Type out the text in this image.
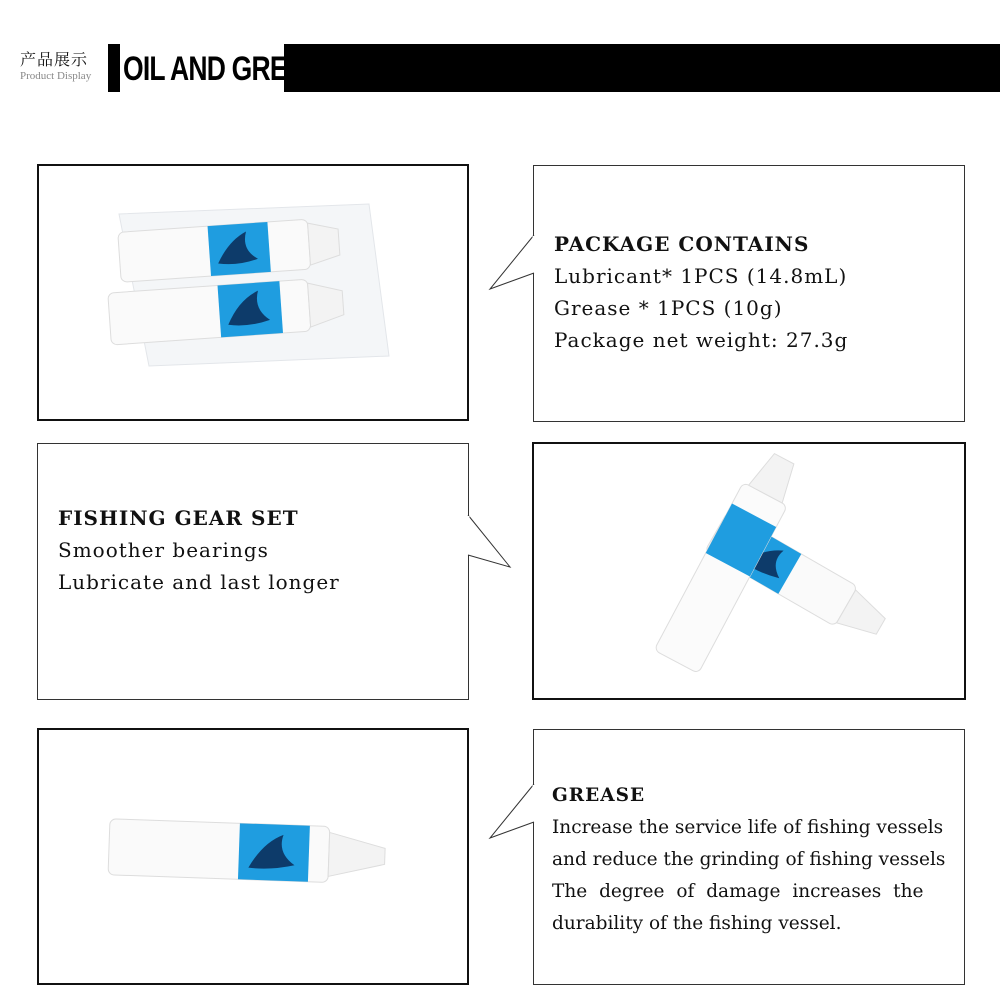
产品展示
Product Display OIL AND GREASE
PACKAGE CONTAINS
Lubricant* 1PCS (14.8mL)
Grease * 1PCS (10g)
Package net weight: 27.3g
FISHING GEAR SET
Smoother bearings
Lubricate and last longer
GREASE
Increase the service life of fishing vessels
and reduce the grinding of fishing vessels
The degree of damage increases the
durability of the fishing vessel.
